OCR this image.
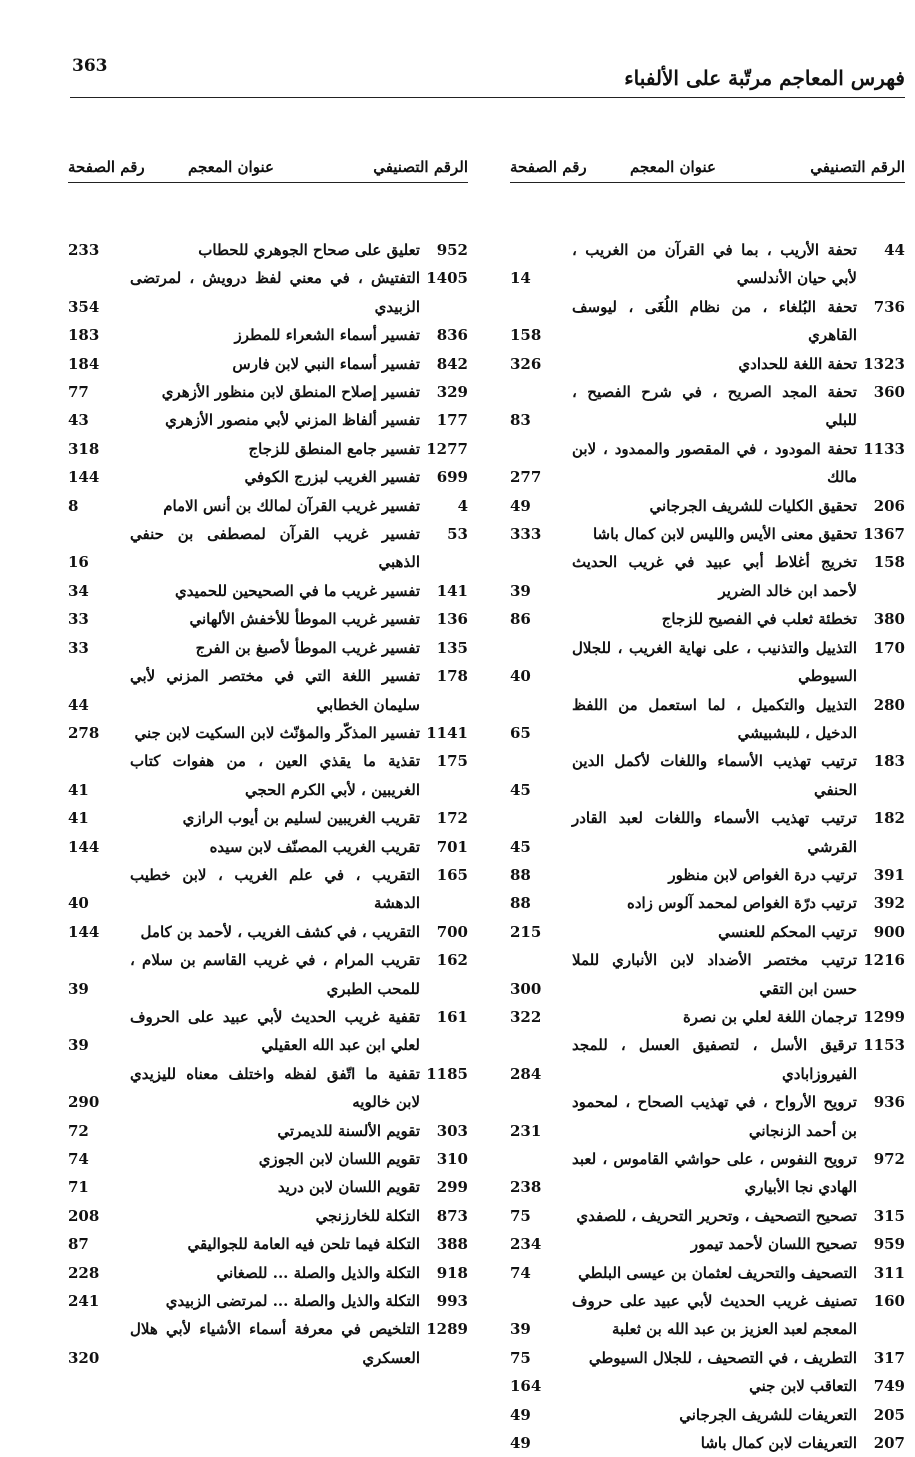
363	فهرس المعاجم مرتّبة على الألفباء
الرقم التصنيفي
عنوان المعجم
رقم الصفحة
952
تعليق على صحاح الجوهري للحطاب
233
1405
التفتيش ، في معني لفظ درويش ، لمرتضى الزبيدي
354
836
تفسير أسماء الشعراء للمطرز
183
842
تفسير أسماء النبي لابن فارس
184
329
تفسير إصلاح المنطق لابن منظور الأزهري
77
177
تفسير ألفاظ المزني لأبي منصور الأزهري
43
1277
تفسير جامع المنطق للزجاج
318
699
تفسير الغريب لبزرج الكوفي
144
4
تفسير غريب القرآن لمالك بن أنس الامام
8
53
تفسير غريب القرآن لمصطفى بن حنفي الذهبي
16
141
تفسير غريب ما في الصحيحين للحميدي
34
136
تفسير غريب الموطأ للأخفش الألهاني
33
135
تفسير غريب الموطأ لأصبغ بن الفرج
33
178
تفسير اللغة التي في مختصر المزني لأبي سليمان الخطابي
44
1141
تفسير المذكّر والمؤنّث لابن السكيت لابن جني
278
175
تقذية ما يقذي العين ، من هفوات كتاب الغريبين ، لأبي الكرم الحجي
41
172
تقريب الغريبين لسليم بن أيوب الرازي
41
701
تقريب الغريب المصنّف لابن سيده
144
165
التقريب ، في علم الغريب ، لابن خطيب الدهشة
40
700
التقريب ، في كشف الغريب ، لأحمد بن كامل
144
162
تقريب المرام ، في غريب القاسم بن سلام ، للمحب الطبري
39
161
تقفية غريب الحديث لأبي عبيد على الحروف لعلي ابن عبد الله العقيلي
39
1185
تقفية ما اتّفق لفظه واختلف معناه لليزيدي لابن خالويه
290
303
تقويم الألسنة للديمرتي
72
310
تقويم اللسان لابن الجوزي
74
299
تقويم اللسان لابن دريد
71
873
التكلة للخارزنجي
208
388
التكلة فيما تلحن فيه العامة للجواليقي
87
918
التكلة والذيل والصلة ... للصغاني
228
993
التكلة والذيل والصلة ... لمرتضى الزبيدي
241
1289
التلخيص في معرفة أسماء الأشياء لأبي هلال العسكري
320
الرقم التصنيفي
عنوان المعجم
رقم الصفحة
44
تحفة الأريب ، بما في القرآن من الغريب ، لأبي حيان الأندلسي
14
736
تحفة البُلغاء ، من نظام اللُغَى ، ليوسف القاهري
158
1323
تحفة اللغة للحدادي
326
360
تحفة المجد الصريح ، في شرح الفصيح ، للبلي
83
1133
تحفة المودود ، في المقصور والممدود ، لابن مالك
277
206
تحقيق الكليات للشريف الجرجاني
49
1367
تحقيق معنى الأيس والليس لابن كمال باشا
333
158
تخريج أغلاط أبي عبيد في غريب الحديث لأحمد ابن خالد الضرير
39
380
تخطئة ثعلب في الفصيح للزجاج
86
170
التذييل والتذنيب ، على نهاية الغريب ، للجلال السيوطي
40
280
التذييل والتكميل ، لما استعمل من اللفظ الدخيل ، للبشبيشي
65
183
ترتيب تهذيب الأسماء واللغات لأكمل الدين الحنفي
45
182
ترتيب تهذيب الأسماء واللغات لعبد القادر القرشي
45
391
ترتيب درة الغواص لابن منظور
88
392
ترتيب درّة الغواص لمحمد آلوس زاده
88
900
ترتيب المحكم للعنسي
215
1216
ترتيب مختصر الأضداد لابن الأنباري للملا حسن ابن التقي
300
1299
ترجمان اللغة لعلي بن نصرة
322
1153
ترقيق الأسل ، لتصفيق العسل ، للمجد الفيروزابادي
284
936
ترويح الأرواح ، في تهذيب الصحاح ، لمحمود بن أحمد الزنجاني
231
972
ترويح النفوس ، على حواشي القاموس ، لعبد الهادي نجا الأبياري
238
315
تصحيح التصحيف ، وتحرير التحريف ، للصفدي
75
959
تصحيح اللسان لأحمد تيمور
234
311
التصحيف والتحريف لعثمان بن عيسى البلطي
74
160
تصنيف غريب الحديث لأبي عبيد على حروف المعجم لعبد العزيز بن عبد الله بن ثعلبة
39
317
التطريف ، في التصحيف ، للجلال السيوطي
75
749
التعاقب لابن جني
164
205
التعريفات للشريف الجرجاني
49
207
التعريفات لابن كمال باشا
49
